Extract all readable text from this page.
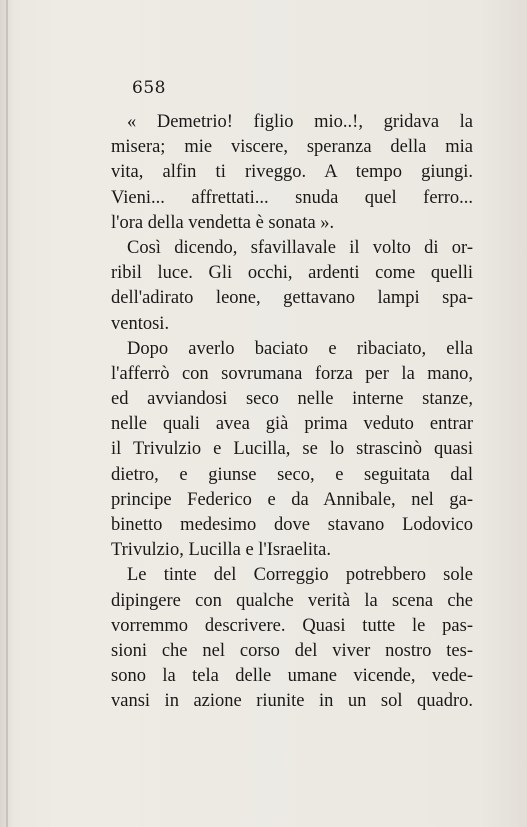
658
« Demetrio! figlio mio..!, gridava la
misera; mie viscere, speranza della mia
vita, alfin ti riveggo. A tempo giungi.
Vieni... affrettati... snuda quel ferro...
l'ora della vendetta è sonata ».
Così dicendo, sfavillavale il volto di or-
ribil luce. Gli occhi, ardenti come quelli
dell'adirato leone, gettavano lampi spa-
ventosi.
Dopo averlo baciato e ribaciato, ella
l'afferrò con sovrumana forza per la mano,
ed avviandosi seco nelle interne stanze,
nelle quali avea già prima veduto entrar
il Trivulzio e Lucilla, se lo strascinò quasi
dietro, e giunse seco, e seguitata dal
principe Federico e da Annibale, nel ga-
binetto medesimo dove stavano Lodovico
Trivulzio, Lucilla e l'Israelita.
Le tinte del Correggio potrebbero sole
dipingere con qualche verità la scena che
vorremmo descrivere. Quasi tutte le pas-
sioni che nel corso del viver nostro tes-
sono la tela delle umane vicende, vede-
vansi in azione riunite in un sol quadro.
